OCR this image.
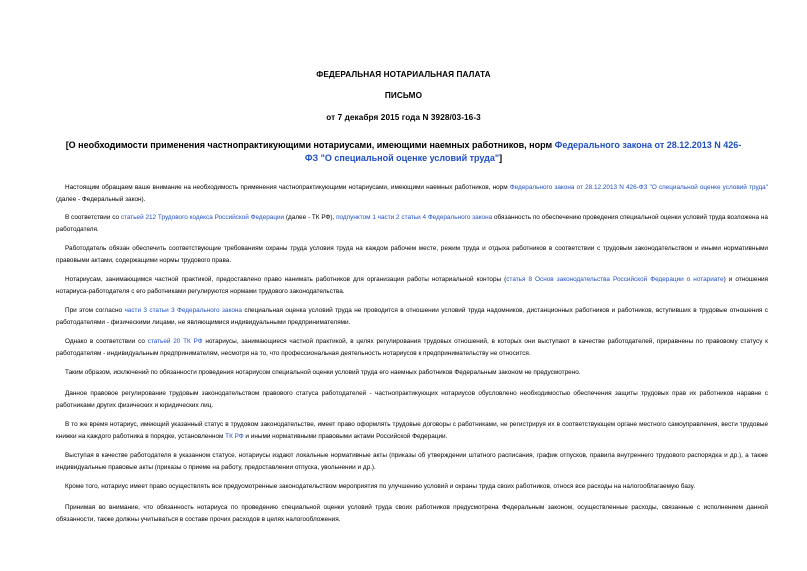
ФЕДЕРАЛЬНАЯ НОТАРИАЛЬНАЯ ПАЛАТА
ПИСЬМО
от 7 декабря 2015 года N 3928/03-16-3
[О необходимости применения частнопрактикующими нотариусами, имеющими наемных работников, норм Федерального закона от 28.12.2013 N 426-ФЗ "О специальной оценке условий труда"]
Настоящим обращаем ваше внимание на необходимость применения частнопрактикующими нотариусами, имеющими наемных работников, норм Федерального закона от 28.12.2013 N 426-ФЗ "О специальной оценке условий труда" (далее - Федеральный закон).
В соответствии со статьей 212 Трудового кодекса Российской Федерации (далее - ТК РФ), подпунктом 1 части 2 статьи 4 Федерального закона обязанность по обеспечению проведения специальной оценки условий труда возложена на работодателя.
Работодатель обязан обеспечить соответствующие требованиям охраны труда условия труда на каждом рабочем месте, режим труда и отдыха работников в соответствии с трудовым законодательством и иными нормативными правовыми актами, содержащими нормы трудового права.
Нотариусам, занимающимся частной практикой, предоставлено право нанимать работников для организации работы нотариальной конторы (статья 8 Основ законодательства Российской Федерации о нотариате) и отношения нотариуса-работодателя с его работниками регулируются нормами трудового законодательства.
При этом согласно части 3 статьи 3 Федерального закона специальная оценка условий труда не проводится в отношении условий труда надомников, дистанционных работников и работников, вступивших в трудовые отношения с работодателями - физическими лицами, не являющимися индивидуальными предпринимателями.
Однако в соответствии со статьей 20 ТК РФ нотариусы, занимающиеся частной практикой, в целях регулирования трудовых отношений, в которых они выступают в качестве работодателей, приравнены по правовому статусу к работодателям - индивидуальным предпринимателям, несмотря на то, что профессиональная деятельность нотариусов к предпринимательству не относится.
Таким образом, исключений по обязанности проведения нотариусом специальной оценки условий труда его наемных работников Федеральным законом не предусмотрено.
Данное правовое регулирование трудовым законодательством правового статуса работодателей - частнопрактикующих нотариусов обусловлено необходимостью обеспечения защиты трудовых прав их работников наравне с работниками других физических и юридических лиц.
В то же время нотариус, имеющий указанный статус в трудовом законодательстве, имеет право оформлять трудовые договоры с работниками, не регистрируя их в соответствующем органе местного самоуправления, вести трудовые книжки на каждого работника в порядке, установленном ТК РФ и иными нормативными правовыми актами Российской Федерации.
Выступая в качестве работодателя в указанном статусе, нотариусы издают локальные нормативные акты (приказы об утверждении штатного расписания, график отпусков, правила внутреннего трудового распорядка и др.), а также индивидуальные правовые акты (приказы о приеме на работу, предоставлении отпуска, увольнении и др.).
Кроме того, нотариус имеет право осуществлять все предусмотренные законодательством мероприятия по улучшению условий и охраны труда своих работников, относя все расходы на налогооблагаемую базу.
Принимая во внимание, что обязанность нотариуса по проведению специальной оценки условий труда своих работников предусмотрена Федеральным законом, осуществленные расходы, связанные с исполнением данной обязанности, также должны учитываться в составе прочих расходов в целях налогообложения.
